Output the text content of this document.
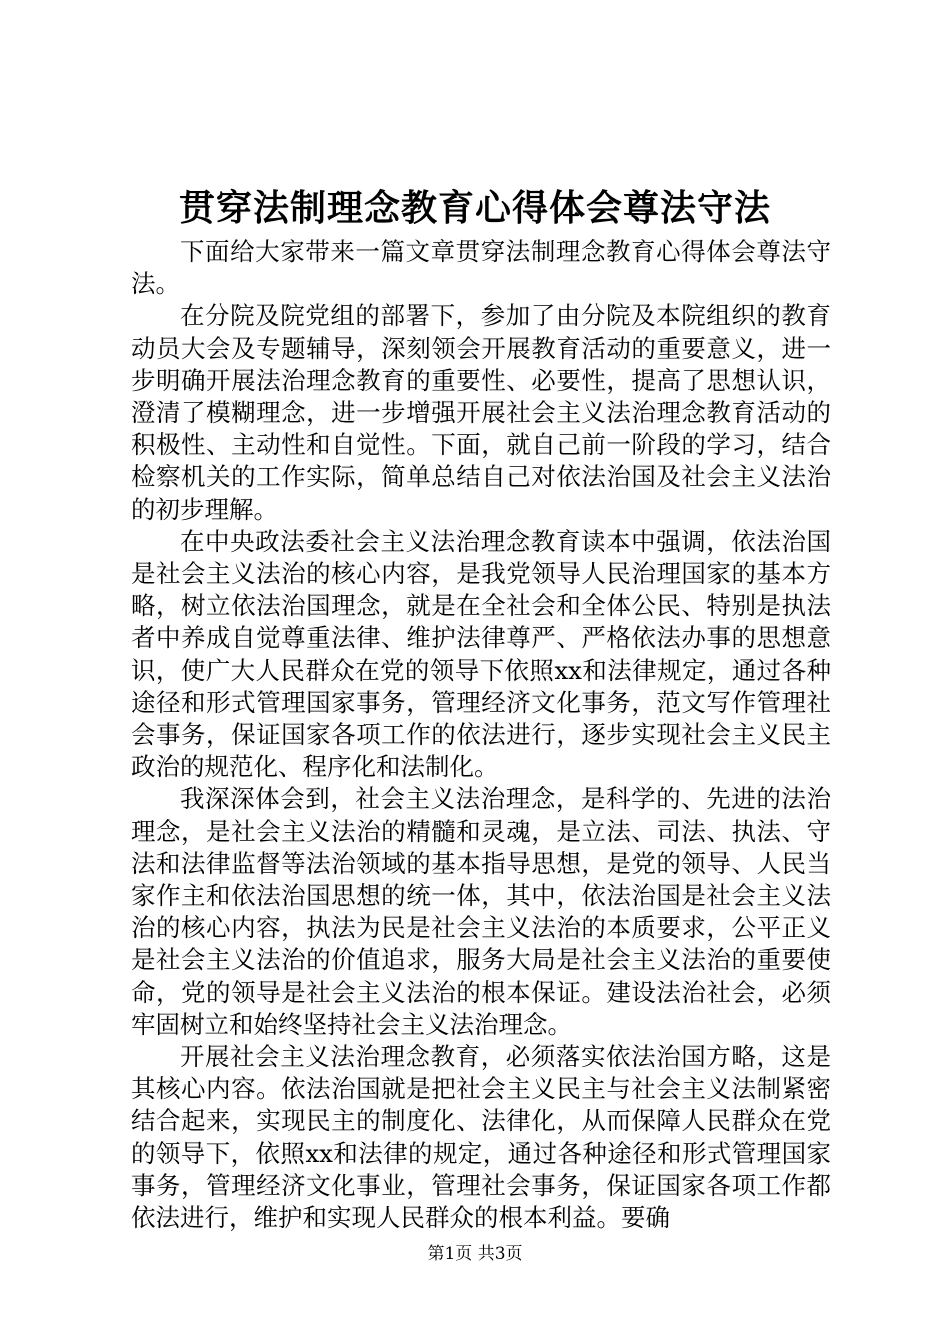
贯穿法制理念教育心得体会尊法守法

下面给大家带来一篇文章贯穿法制理念教育心得体会尊法守法。

在分院及院党组的部署下，参加了由分院及本院组织的教育动员大会及专题辅导，深刻领会开展教育活动的重要意义，进一步明确开展法治理念教育的重要性、必要性，提高了思想认识，澄清了模糊理念，进一步增强开展社会主义法治理念教育活动的积极性、主动性和自觉性。下面，就自己前一阶段的学习，结合检察机关的工作实际，简单总结自己对依法治国及社会主义法治的初步理解。

在中央政法委社会主义法治理念教育读本中强调，依法治国是社会主义法治的核心内容，是我党领导人民治理国家的基本方略，树立依法治国理念，就是在全社会和全体公民、特别是执法者中养成自觉尊重法律、维护法律尊严、严格依法办事的思想意识，使广大人民群众在党的领导下依照xx和法律规定，通过各种途径和形式管理国家事务，管理经济文化事务，范文写作管理社会事务，保证国家各项工作的依法进行，逐步实现社会主义民主政治的规范化、程序化和法制化。

我深深体会到，社会主义法治理念，是科学的、先进的法治理念，是社会主义法治的精髓和灵魂，是立法、司法、执法、守法和法律监督等法治领域的基本指导思想，是党的领导、人民当家作主和依法治国思想的统一体，其中，依法治国是社会主义法治的核心内容，执法为民是社会主义法治的本质要求，公平正义是社会主义法治的价值追求，服务大局是社会主义法治的重要使命，党的领导是社会主义法治的根本保证。建设法治社会，必须牢固树立和始终坚持社会主义法治理念。

开展社会主义法治理念教育，必须落实依法治国方略，这是其核心内容。依法治国就是把社会主义民主与社会主义法制紧密结合起来，实现民主的制度化、法律化，从而保障人民群众在党的领导下，依照xx和法律的规定，通过各种途径和形式管理国家事务，管理经济文化事业，管理社会事务，保证国家各项工作都依法进行，维护和实现人民群众的根本利益。要确

第1页 共3页
